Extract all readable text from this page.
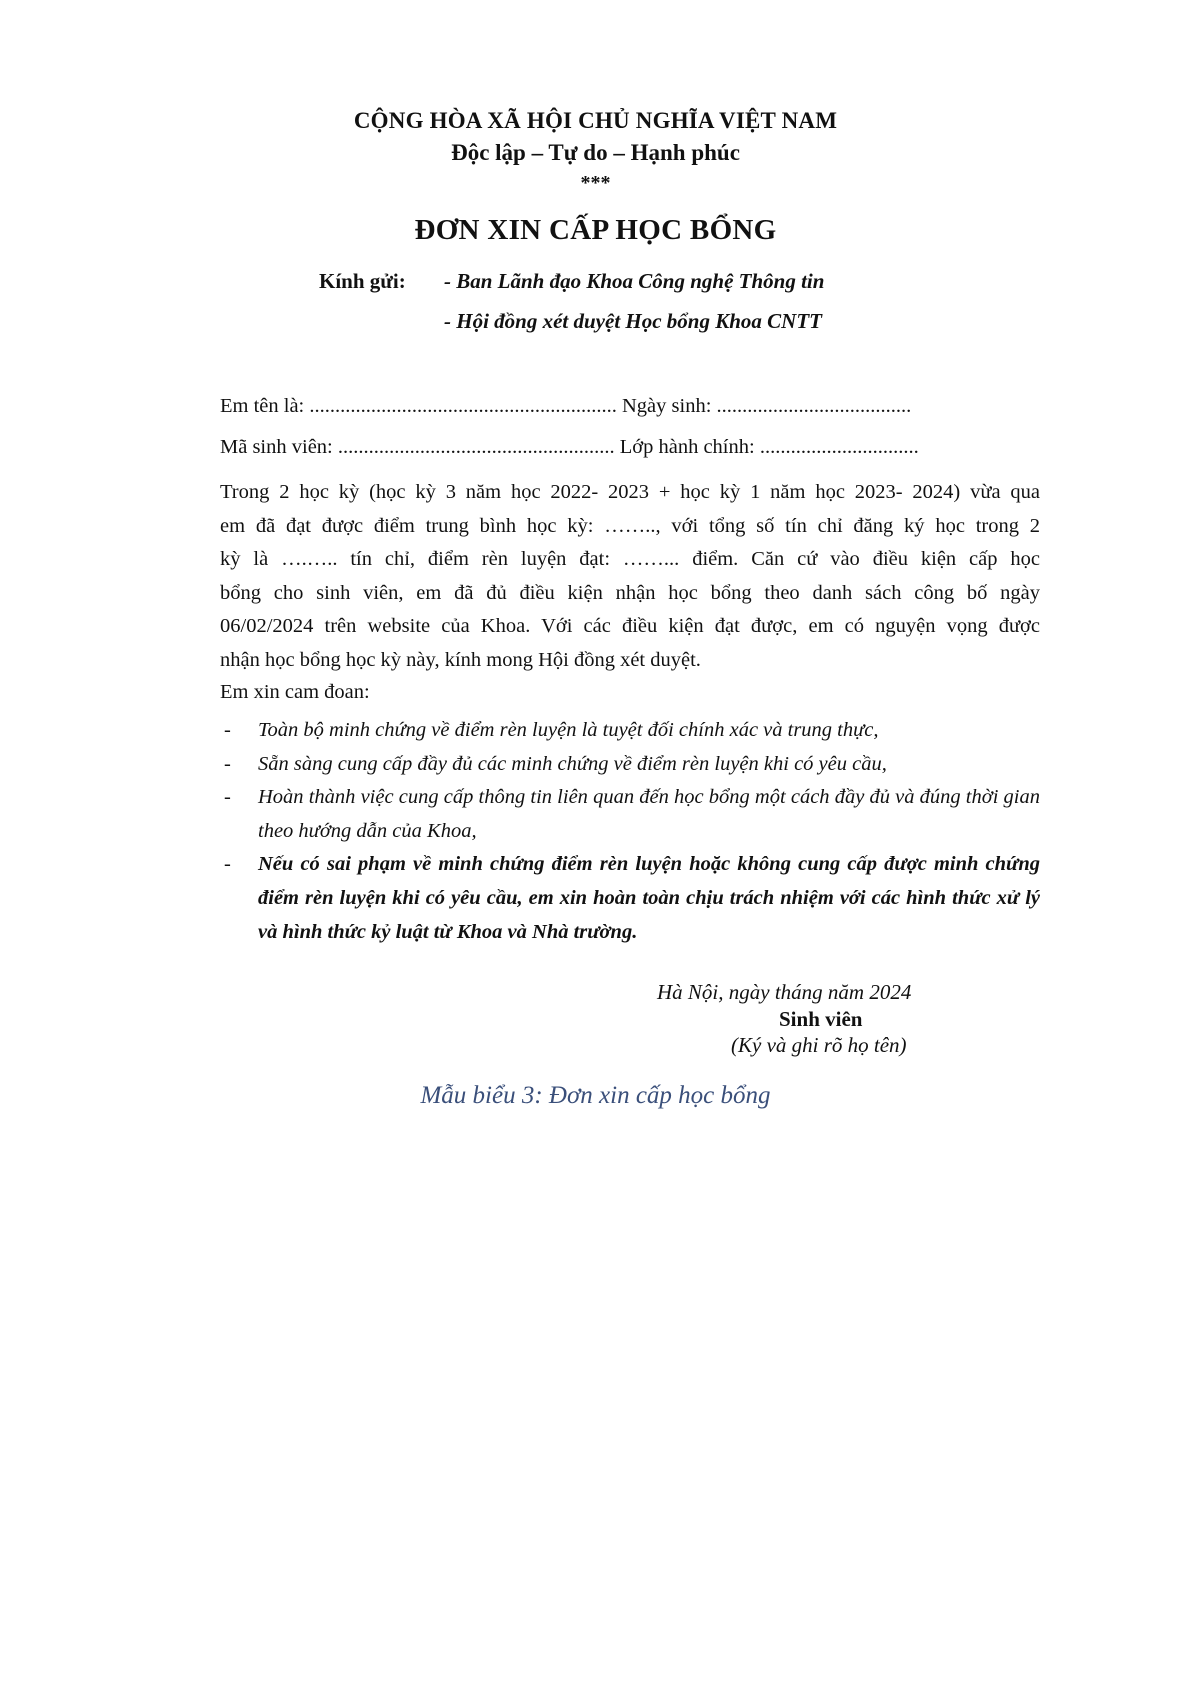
CỘNG HÒA XÃ HỘI CHỦ NGHĨA VIỆT NAM
Độc lập – Tự do – Hạnh phúc
***
ĐƠN XIN CẤP HỌC BỔNG
Kính gửi: - Ban Lãnh đạo Khoa Công nghệ Thông tin
- Hội đồng xét duyệt Học bổng Khoa CNTT
Em tên là: ............................................................ Ngày sinh: ......................................
Mã sinh viên: ...................................................... Lớp hành chính: ...............................
Trong 2 học kỳ (học kỳ 3 năm học 2022- 2023 + học kỳ 1 năm học 2023- 2024) vừa qua
em đã đạt được điểm trung bình học kỳ: …….., với tổng số tín chỉ đăng ký học trong 2
kỳ là ….….. tín chỉ, điểm rèn luyện đạt: ……... điểm. Căn cứ vào điều kiện cấp học
bổng cho sinh viên, em đã đủ điều kiện nhận học bổng theo danh sách công bố ngày
06/02/2024 trên website của Khoa. Với các điều kiện đạt được, em có nguyện vọng được
nhận học bổng học kỳ này, kính mong Hội đồng xét duyệt.
Em xin cam đoan:
- Toàn bộ minh chứng về điểm rèn luyện là tuyệt đối chính xác và trung thực,
- Sẵn sàng cung cấp đầy đủ các minh chứng về điểm rèn luyện khi có yêu cầu,
- Hoàn thành việc cung cấp thông tin liên quan đến học bổng một cách đầy đủ và đúng thời gian theo hướng dẫn của Khoa,
- Nếu có sai phạm về minh chứng điểm rèn luyện hoặc không cung cấp được minh chứng điểm rèn luyện khi có yêu cầu, em xin hoàn toàn chịu trách nhiệm với các hình thức xử lý và hình thức kỷ luật từ Khoa và Nhà trường.
Hà Nội, ngày tháng năm 2024
Sinh viên
(Ký và ghi rõ họ tên)
Mẫu biểu 3: Đơn xin cấp học bổng
